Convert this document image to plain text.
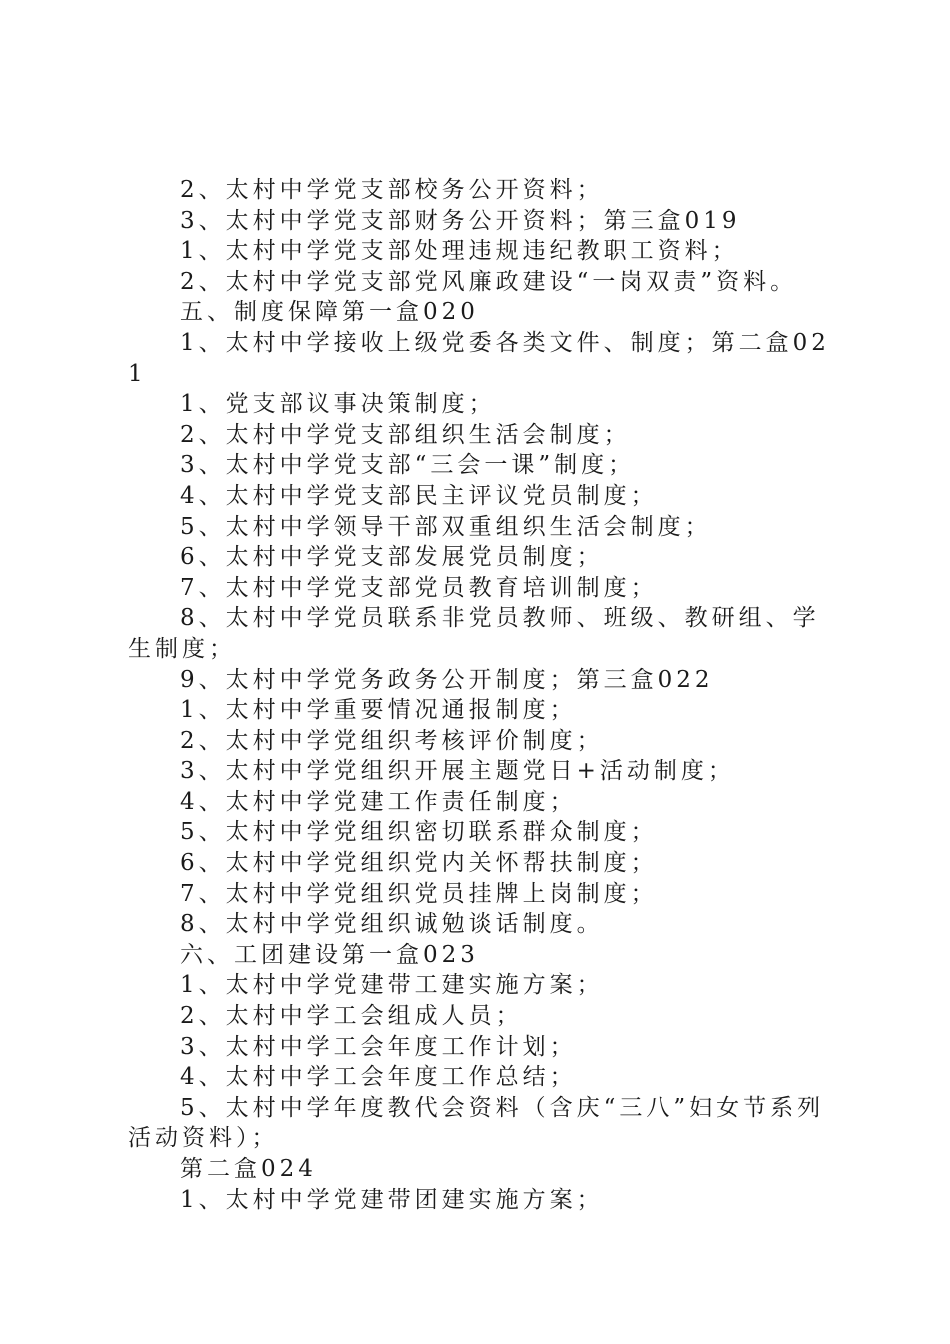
2、太村中学党支部校务公开资料；

3、太村中学党支部财务公开资料；第三盒019

1、太村中学党支部处理违规违纪教职工资料；

2、太村中学党支部党风廉政建设“一岗双责”资料。

五、制度保障第一盒020

1、太村中学接收上级党委各类文件、制度；第二盒021

1、党支部议事决策制度；

2、太村中学党支部组织生活会制度；

3、太村中学党支部“三会一课”制度；

4、太村中学党支部民主评议党员制度；

5、太村中学领导干部双重组织生活会制度；

6、太村中学党支部发展党员制度；

7、太村中学党支部党员教育培训制度；

8、太村中学党员联系非党员教师、班级、教研组、学生制度；

9、太村中学党务政务公开制度；第三盒022

1、太村中学重要情况通报制度；

2、太村中学党组织考核评价制度；

3、太村中学党组织开展主题党日+活动制度；

4、太村中学党建工作责任制度；

5、太村中学党组织密切联系群众制度；

6、太村中学党组织党内关怀帮扶制度；

7、太村中学党组织党员挂牌上岗制度；

8、太村中学党组织诚勉谈话制度。

六、工团建设第一盒023

1、太村中学党建带工建实施方案；

2、太村中学工会组成人员；

3、太村中学工会年度工作计划；

4、太村中学工会年度工作总结；

5、太村中学年度教代会资料（含庆“三八”妇女节系列活动资料）；

第二盒024

1、太村中学党建带团建实施方案；
